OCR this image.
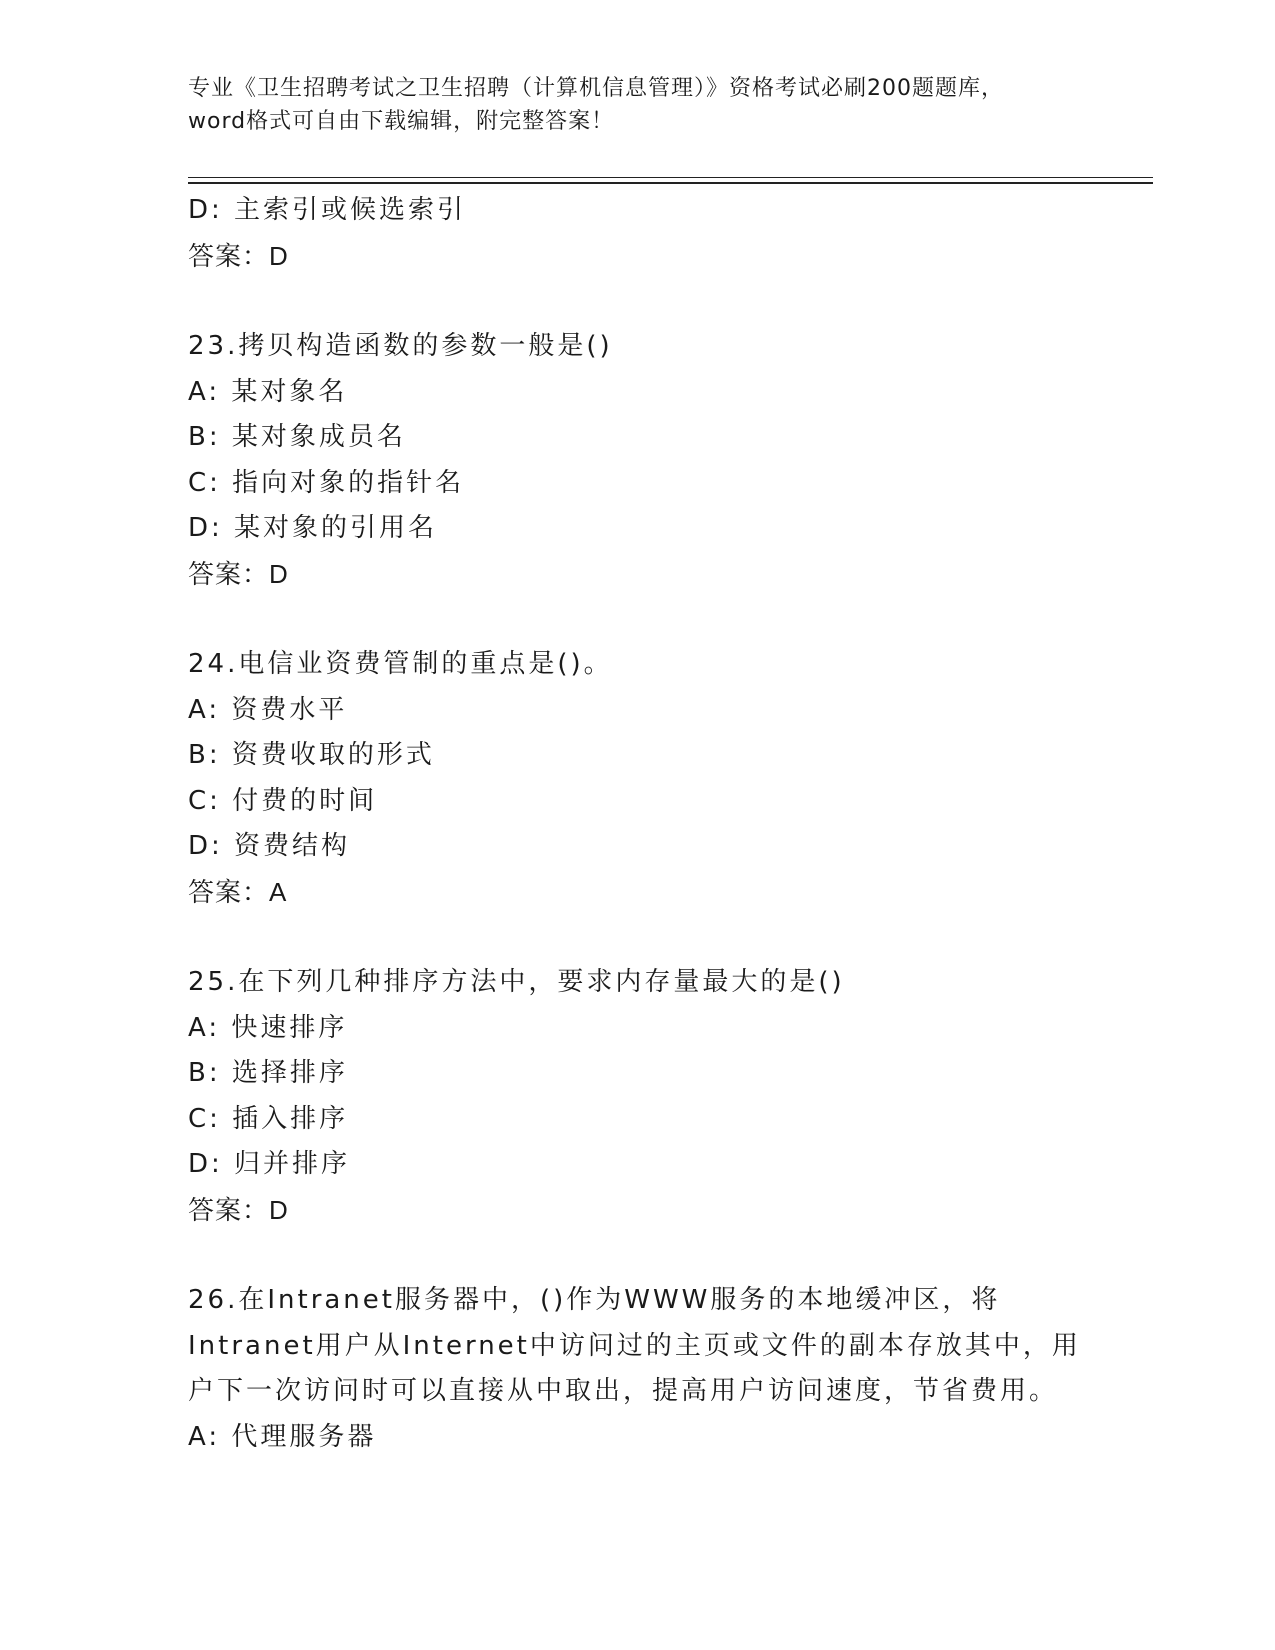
专业《卫生招聘考试之卫生招聘（计算机信息管理）》资格考试必刷200题题库，
word格式可自由下载编辑，附完整答案！
D: 主索引或候选索引
答案：D
23.拷贝构造函数的参数一般是()
A: 某对象名
B: 某对象成员名
C: 指向对象的指针名
D: 某对象的引用名
答案：D
24.电信业资费管制的重点是()。
A: 资费水平
B: 资费收取的形式
C: 付费的时间
D: 资费结构
答案：A
25.在下列几种排序方法中，要求内存量最大的是()
A: 快速排序
B: 选择排序
C: 插入排序
D: 归并排序
答案：D
26.在Intranet服务器中，()作为WWW服务的本地缓冲区，将
Intranet用户从Internet中访问过的主页或文件的副本存放其中，用
户下一次访问时可以直接从中取出，提高用户访问速度，节省费用。
A: 代理服务器
